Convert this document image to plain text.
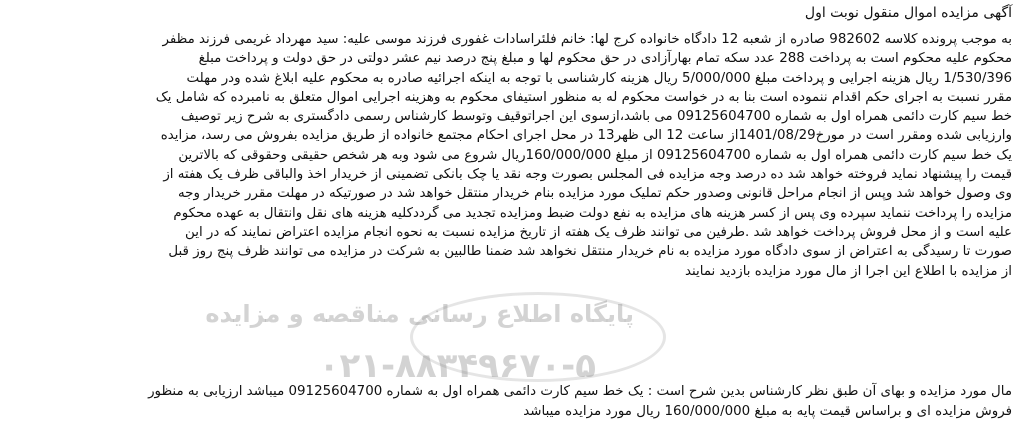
آگهی مزایده اموال منقول نوبت اول
به موجب پرونده کلاسه 982602 صادره از شعبه 12 دادگاه خانواده کرج لها: خانم فلئراسادات غفوری فرزند موسی علیه: سید مهرداد غریمی فرزند مظفر
محکوم علیه محکوم است به پرداخت 288 عدد سکه تمام بهارآزادی در حق محکوم لها و مبلغ پنج درصد نیم عشر دولتی در حق دولت و پرداخت مبلغ
1/530/396 ریال هزینه اجرایی و پرداخت مبلغ 5/000/000 ریال هزینه کارشناسی با توجه به اینکه اجرائیه صادره به محکوم علیه ابلاغ شده ودر مهلت
مقرر نسبت به اجرای حکم اقدام ننموده است بنا به در خواست محکوم له به منظور استیفای محکوم به وهزینه اجرایی اموال متعلق به نامبرده که شامل یک
خط سیم کارت دائمی همراه اول به شماره 09125604700 می باشد،ازسوی این اجراتوقیف وتوسط کارشناس رسمی دادگستری به شرح زیر توصیف
وارزیابی شده ومقرر است در مورخ1401/08/29از ساعت 12 الی ظهر13 در محل اجرای احکام مجتمع خانواده از طریق مزایده بفروش می رسد، مزایده
یک خط سیم کارت دائمی همراه اول به شماره 09125604700 از مبلغ 160/000/000ریال شروع می شود وبه هر شخص حقیقی وحقوقی که بالاترین
قیمت را پیشنهاد نماید فروخته خواهد شد ده درصد وجه مزایده فی المجلس بصورت وجه نقد یا چک بانکی تضمینی از خریدار اخذ والباقی ظرف یک هفته از
وی وصول خواهد شد وپس از انجام مراحل قانونی وصدور حکم تملیک مورد مزایده بنام خریدار منتقل خواهد شد در صورتیکه در مهلت مقرر خریدار وجه
مزایده را پرداخت ننماید سپرده وی پس از کسر هزینه های مزایده به نفع دولت ضبط ومزایده تجدید می گرددکلیه هزینه های نقل وانتقال به عهده محکوم
علیه است و از محل فروش پرداخت خواهد شد .طرفین می توانند ظرف یک هفته از تاریخ مزایده نسبت به نحوه انجام مزایده اعتراض نمایند که در این
صورت تا رسیدگی به اعتراض از سوی دادگاه مورد مزایده به نام خریدار منتقل نخواهد شد ضمنا طالبین به شرکت در مزایده می توانند ظرف پنج روز قبل
از مزایده با اطلاع این اجرا از مال مورد مزایده بازدید نمایند
مال مورد مزایده و بهای آن طبق نظر کارشناس بدین شرح است : یک خط سیم کارت دائمی همراه اول به شماره 09125604700 میباشد ارزیابی به منظور
فروش مزایده ای و براساس قیمت پایه به مبلغ 160/000/000 ریال مورد مزایده میباشد
پایگاه اطلاع رسانی مناقصه و مزایده
۰۲۱-۸۸۳۴۹۶۷۰-۵
